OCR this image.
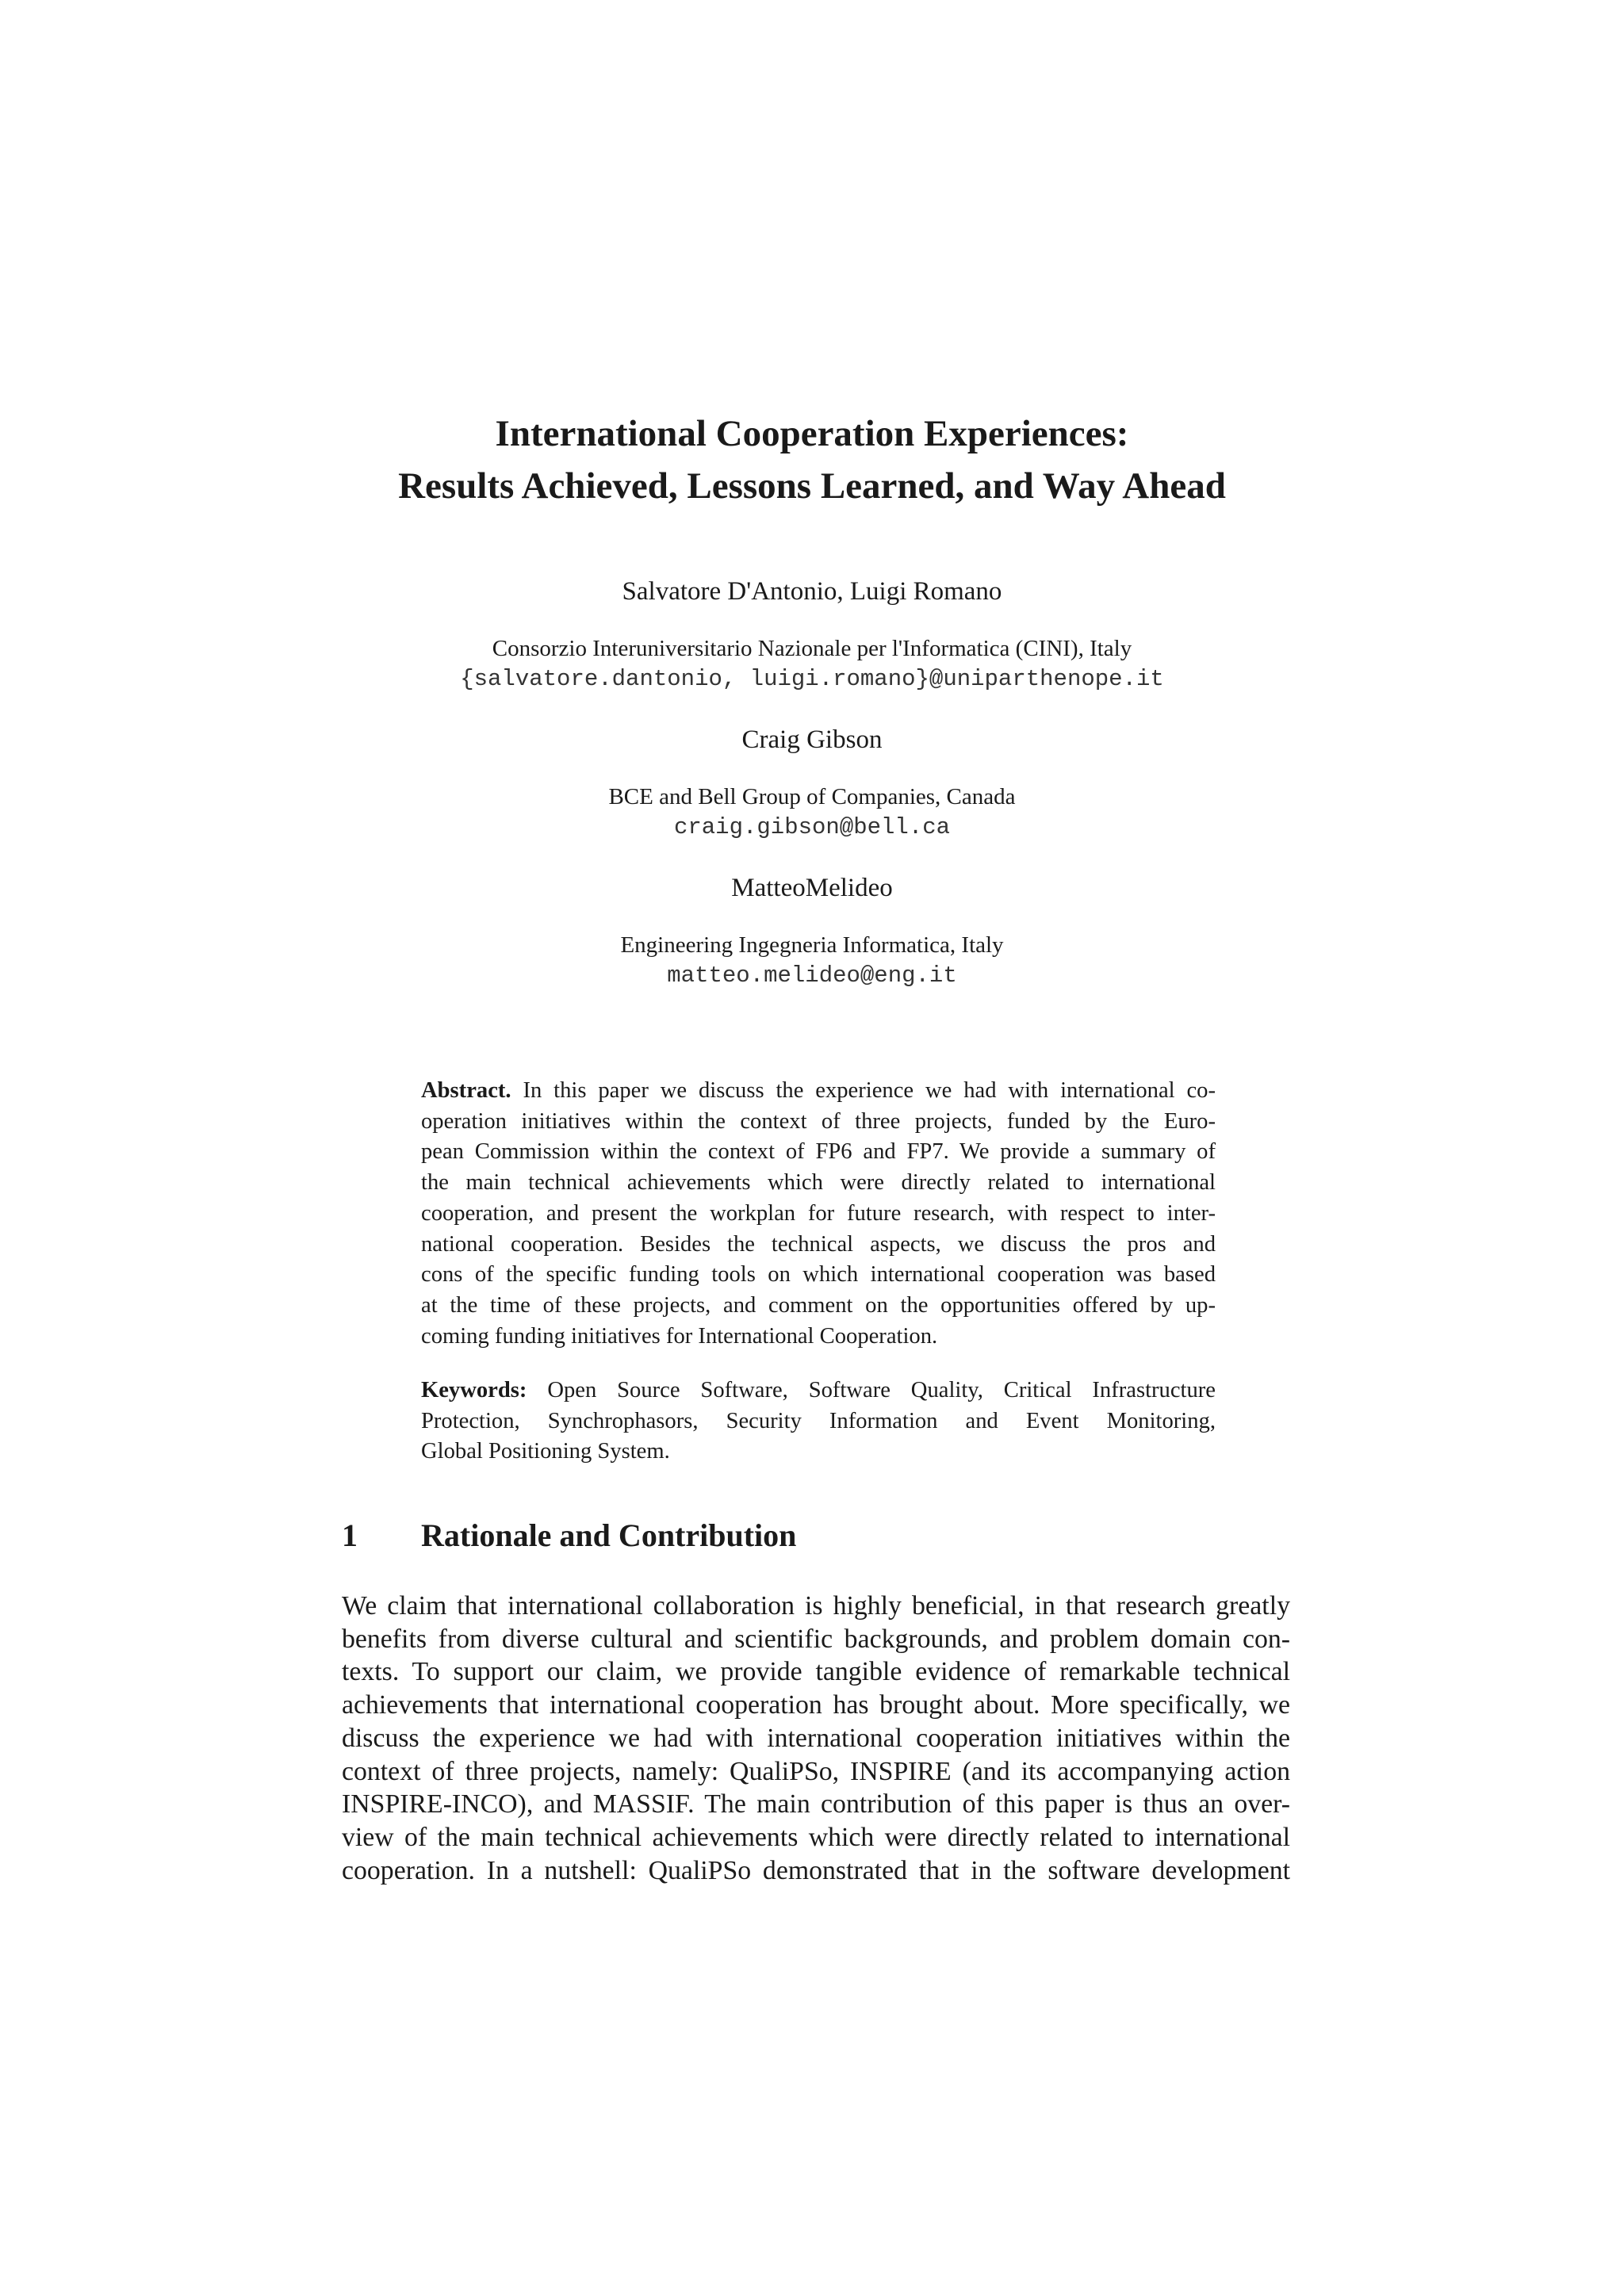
International Cooperation Experiences:
Results Achieved, Lessons Learned, and Way Ahead
Salvatore D'Antonio, Luigi Romano
Consorzio Interuniversitario Nazionale per l'Informatica (CINI), Italy
{salvatore.dantonio, luigi.romano}@uniparthenope.it
Craig Gibson
BCE and Bell Group of Companies, Canada
craig.gibson@bell.ca
MatteoMelideo
Engineering Ingegneria Informatica, Italy
matteo.melideo@eng.it
Abstract. In this paper we discuss the experience we had with international co-
operation initiatives within the context of three projects, funded by the Euro-
pean Commission within the context of FP6 and FP7. We provide a summary of
the main technical achievements which were directly related to international
cooperation, and present the workplan for future research, with respect to inter-
national cooperation. Besides the technical aspects, we discuss the pros and
cons of the specific funding tools on which international cooperation was based
at the time of these projects, and comment on the opportunities offered by up-
coming funding initiatives for International Cooperation.
Keywords: Open Source Software, Software Quality, Critical Infrastructure
Protection, Synchrophasors, Security Information and Event Monitoring,
Global Positioning System.
1 Rationale and Contribution
We claim that international collaboration is highly beneficial, in that research greatly
benefits from diverse cultural and scientific backgrounds, and problem domain con-
texts. To support our claim, we provide tangible evidence of remarkable technical
achievements that international cooperation has brought about. More specifically, we
discuss the experience we had with international cooperation initiatives within the
context of three projects, namely: QualiPSo, INSPIRE (and its accompanying action
INSPIRE-INCO), and MASSIF. The main contribution of this paper is thus an over-
view of the main technical achievements which were directly related to international
cooperation. In a nutshell: QualiPSo demonstrated that in the software development
